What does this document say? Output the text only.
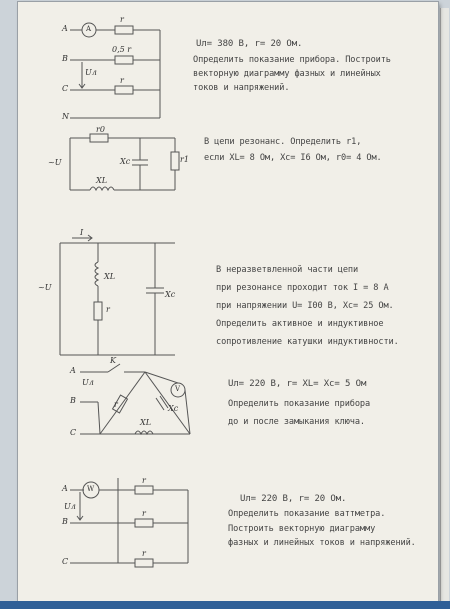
A	A
r
B
0,5 r
Uл
r
C
N
r0
r1
Xc
XL
~U
I
XL
r
Xc
~U
A
K
Uл
B	r	Xc
V
XL
C
A	W
r
Uл
B
r
r
C
Uл= 380 В, r= 20 Ом.
Определить показание прибора. Построить
векторную диаграмму фазных и линейных
токов и напряжений.
В цепи резонанс. Определить r1,
если XL= 8 Ом, Xc= I6 Ом, r0= 4 Ом.
В неразветвленной части цепи
при резонансе проходит ток I = 8 А
при напряжении U= I00 В, Xc= 25 Ом.
Определить активное и индуктивное
сопротивление катушки индуктивности.
Uл= 220 В, r= XL= Xc= 5 Ом
Определить показание прибора
до и после замыкания ключа.
Uл= 220 В, r= 20 Ом.
Определить показание ваттметра.
Построить векторную диаграмму
фазных и линейных токов и напряжений.
